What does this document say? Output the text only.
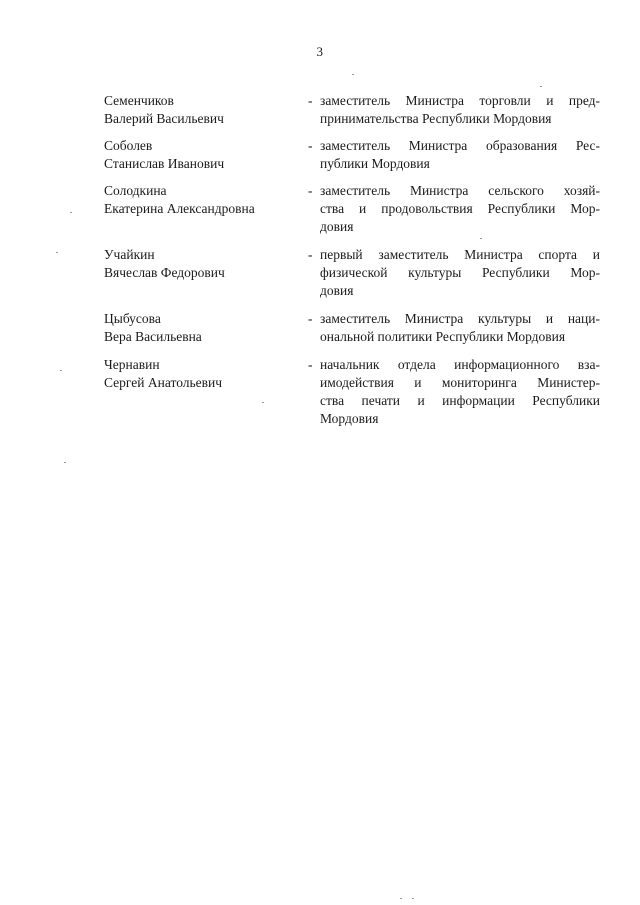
3
Семенчиков
Валерий Васильевич
- заместитель Министра торговли и пред-
принимательства Республики Мордовия
Соболев
Станислав Иванович
- заместитель Министра образования Рес-
публики Мордовия
Солодкина
Екатерина Александровна
- заместитель Министра сельского хозяй-
ства и продовольствия Республики Мор-
довия
Учайкин
Вячеслав Федорович
- первый заместитель Министра спорта и
физической культуры Республики Мор-
довия
Цыбусова
Вера Васильевна
- заместитель Министра культуры и наци-
ональной политики Республики Мордовия
Чернавин
Сергей Анатольевич
- начальник отдела информационного вза-
имодействия и мониторинга Министер-
ства печати и информации Республики
Мордовия
